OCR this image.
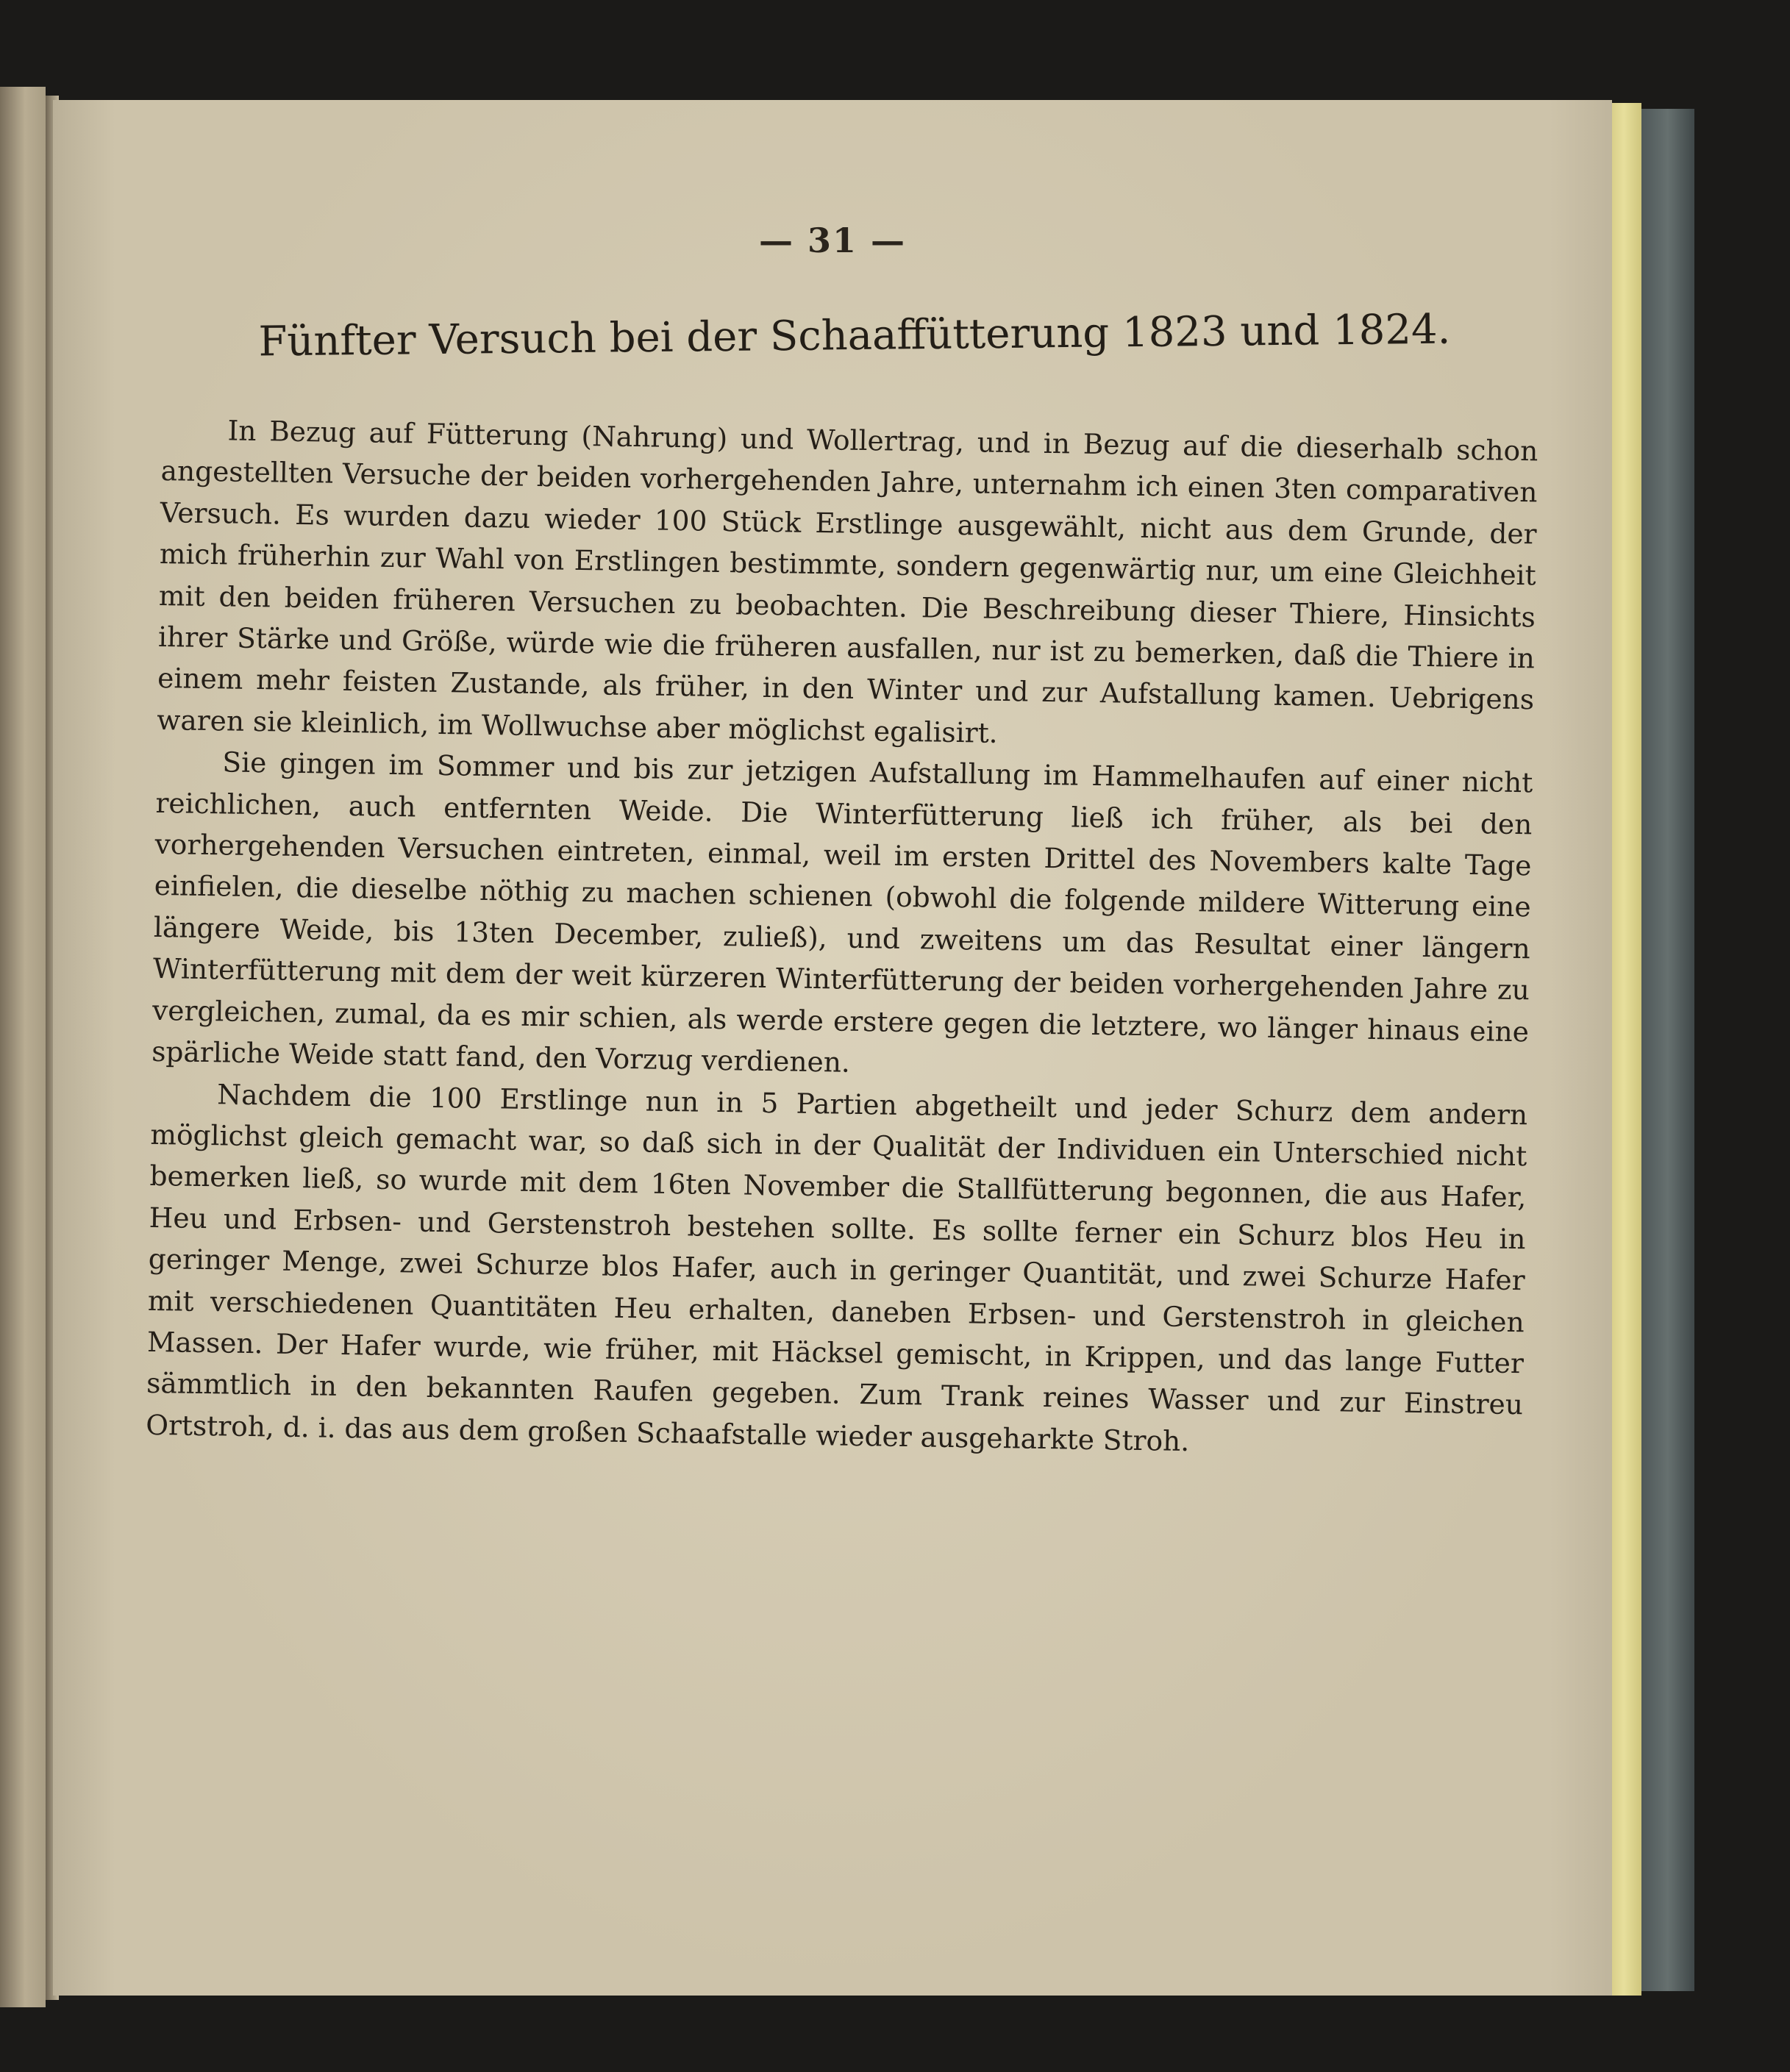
— 31 —
Fünfter Versuch bei der Schaaffütterung 1823 und 1824.

In Bezug auf Fütterung (Nahrung) und Wollertrag, und in Bezug auf die dieserhalb schon angestellten Versuche der beiden vorhergehenden Jahre, unternahm ich einen 3ten comparativen Versuch. Es wurden dazu wieder 100 Stück Erstlinge ausgewählt, nicht aus dem Grunde, der mich früherhin zur Wahl von Erstlingen bestimmte, sondern gegenwärtig nur, um eine Gleichheit mit den beiden früheren Versuchen zu beobachten. Die Beschreibung dieser Thiere, Hinsichts ihrer Stärke und Größe, würde wie die früheren ausfallen, nur ist zu bemerken, daß die Thiere in einem mehr feisten Zustande, als früher, in den Winter und zur Aufstallung kamen. Uebrigens waren sie kleinlich, im Wollwuchse aber möglichst egalisirt.

Sie gingen im Sommer und bis zur jetzigen Aufstallung im Hammelhaufen auf einer nicht reichlichen, auch entfernten Weide. Die Winterfütterung ließ ich früher, als bei den vorhergehenden Versuchen eintreten, einmal, weil im ersten Drittel des Novembers kalte Tage einfielen, die dieselbe nöthig zu machen schienen (obwohl die folgende mildere Witterung eine längere Weide, bis 13ten December, zuließ), und zweitens um das Resultat einer längern Winterfütterung mit dem der weit kürzeren Winterfütterung der beiden vorhergehenden Jahre zu vergleichen, zumal, da es mir schien, als werde erstere gegen die letztere, wo länger hinaus eine spärliche Weide statt fand, den Vorzug verdienen.

Nachdem die 100 Erstlinge nun in 5 Partien abgetheilt und jeder Schurz dem andern möglichst gleich gemacht war, so daß sich in der Qualität der Individuen ein Unterschied nicht bemerken ließ, so wurde mit dem 16ten November die Stallfütterung begonnen, die aus Hafer, Heu und Erbsen- und Gerstenstroh bestehen sollte. Es sollte ferner ein Schurz blos Heu in geringer Menge, zwei Schurze blos Hafer, auch in geringer Quantität, und zwei Schurze Hafer mit verschiedenen Quantitäten Heu erhalten, daneben Erbsen- und Gerstenstroh in gleichen Massen. Der Hafer wurde, wie früher, mit Häcksel gemischt, in Krippen, und das lange Futter sämmtlich in den bekannten Raufen gegeben. Zum Trank reines Wasser und zur Einstreu Ortstroh, d. i. das aus dem großen Schaafstalle wieder ausgeharkte Stroh.
